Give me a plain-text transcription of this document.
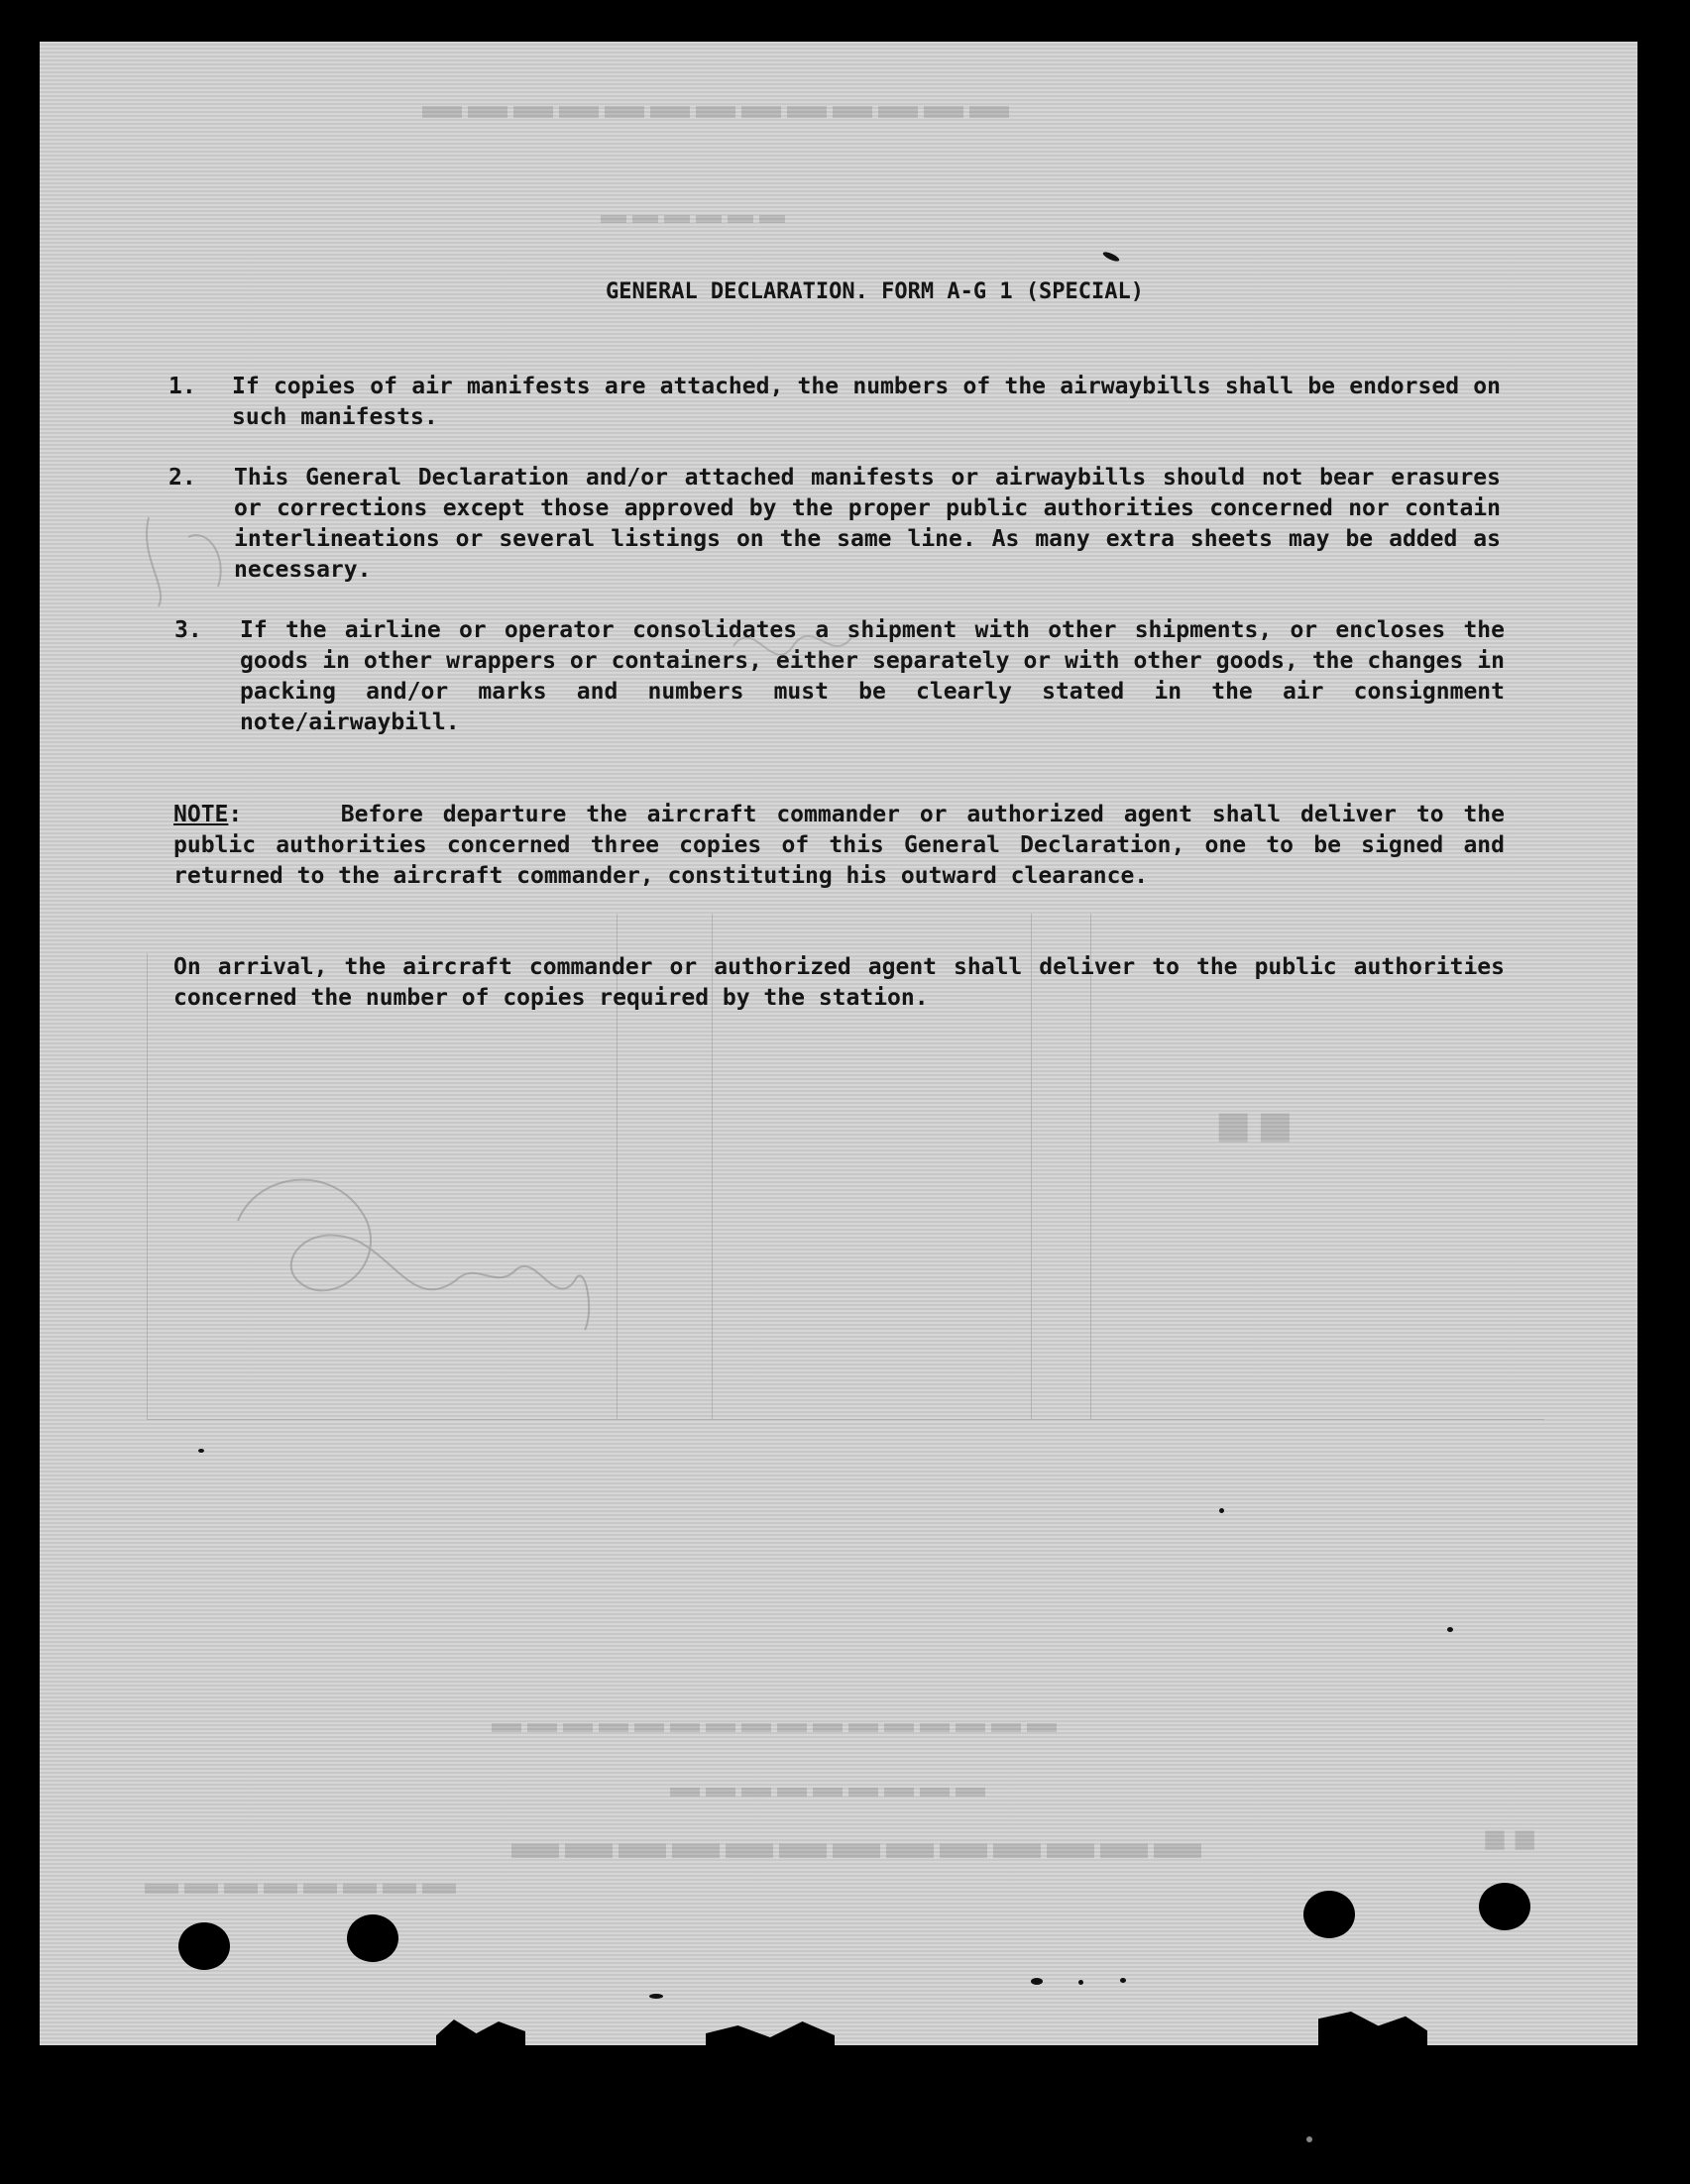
▬▬▬▬▬▬▬▬▬▬▬▬▬
▬▬▬▬▬▬
■■
▬▬▬▬▬▬▬▬▬▬▬▬▬▬▬▬
▬▬▬▬▬▬▬▬▬
▬▬▬▬▬▬▬▬▬▬▬▬▬
▬▬▬▬▬▬▬▬
■■
GENERAL DECLARATION. FORM A-G 1 (SPECIAL)
1. If copies of air manifests are attached, the numbers of the airwaybills shall be endorsed on such manifests.

2. This General Declaration and/or attached manifests or airwaybills should not bear erasures or corrections except those approved by the proper public authorities concerned nor contain interlineations or several listings on the same line. As many extra sheets may be added as necessary.

3. If the airline or operator consolidates a shipment with other shipments, or encloses the goods in other wrappers or containers, either separately or with other goods, the changes in packing and/or marks and numbers must be clearly stated in the air consignment note/airwaybill.

NOTE:	Before departure the aircraft commander or authorized agent shall deliver to the public authorities concerned three copies of this General Declaration, one to be signed and returned to the aircraft commander, constituting his outward clearance.

On arrival, the aircraft commander or authorized agent shall deliver to the public authorities concerned the number of copies required by the station.
